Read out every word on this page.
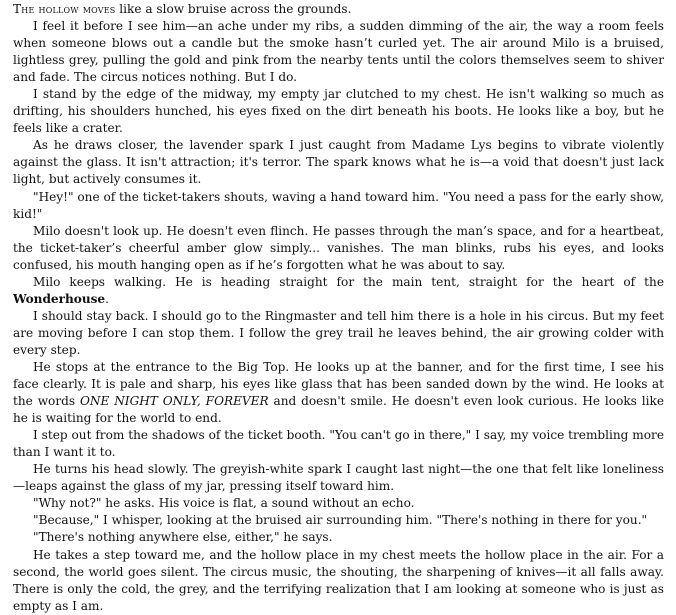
The hollow moves like a slow bruise across the grounds.

I feel it before I see him—an ache under my ribs, a sudden dimming of the air, the way a room feels when someone blows out a candle but the smoke hasn’t curled yet. The air around Milo is a bruised, lightless grey, pulling the gold and pink from the nearby tents until the colors themselves seem to shiver and fade. The circus notices nothing. But I do.

I stand by the edge of the midway, my empty jar clutched to my chest. He isn't walking so much as drifting, his shoulders hunched, his eyes fixed on the dirt beneath his boots. He looks like a boy, but he feels like a crater.

As he draws closer, the lavender spark I just caught from Madame Lys begins to vibrate violently against the glass. It isn't attraction; it's terror. The spark knows what he is—a void that doesn't just lack light, but actively consumes it.

"Hey!" one of the ticket-takers shouts, waving a hand toward him. "You need a pass for the early show, kid!"

Milo doesn't look up. He doesn't even flinch. He passes through the man’s space, and for a heartbeat, the ticket-taker’s cheerful amber glow simply... vanishes. The man blinks, rubs his eyes, and looks confused, his mouth hanging open as if he’s forgotten what he was about to say.

Milo keeps walking. He is heading straight for the main tent, straight for the heart of the Wonderhouse.

I should stay back. I should go to the Ringmaster and tell him there is a hole in his circus. But my feet are moving before I can stop them. I follow the grey trail he leaves behind, the air growing colder with every step.

He stops at the entrance to the Big Top. He looks up at the banner, and for the first time, I see his face clearly. It is pale and sharp, his eyes like glass that has been sanded down by the wind. He looks at the words ONE NIGHT ONLY, FOREVER and doesn't smile. He doesn't even look curious. He looks like he is waiting for the world to end.

I step out from the shadows of the ticket booth. "You can't go in there," I say, my voice trembling more than I want it to.

He turns his head slowly. The greyish-white spark I caught last night—the one that felt like loneliness—leaps against the glass of my jar, pressing itself toward him.

"Why not?" he asks. His voice is flat, a sound without an echo.

"Because," I whisper, looking at the bruised air surrounding him. "There's nothing in there for you."

"There's nothing anywhere else, either," he says.

He takes a step toward me, and the hollow place in my chest meets the hollow place in the air. For a second, the world goes silent. The circus music, the shouting, the sharpening of knives—it all falls away. There is only the cold, the grey, and the terrifying realization that I am looking at someone who is just as empty as I am.
